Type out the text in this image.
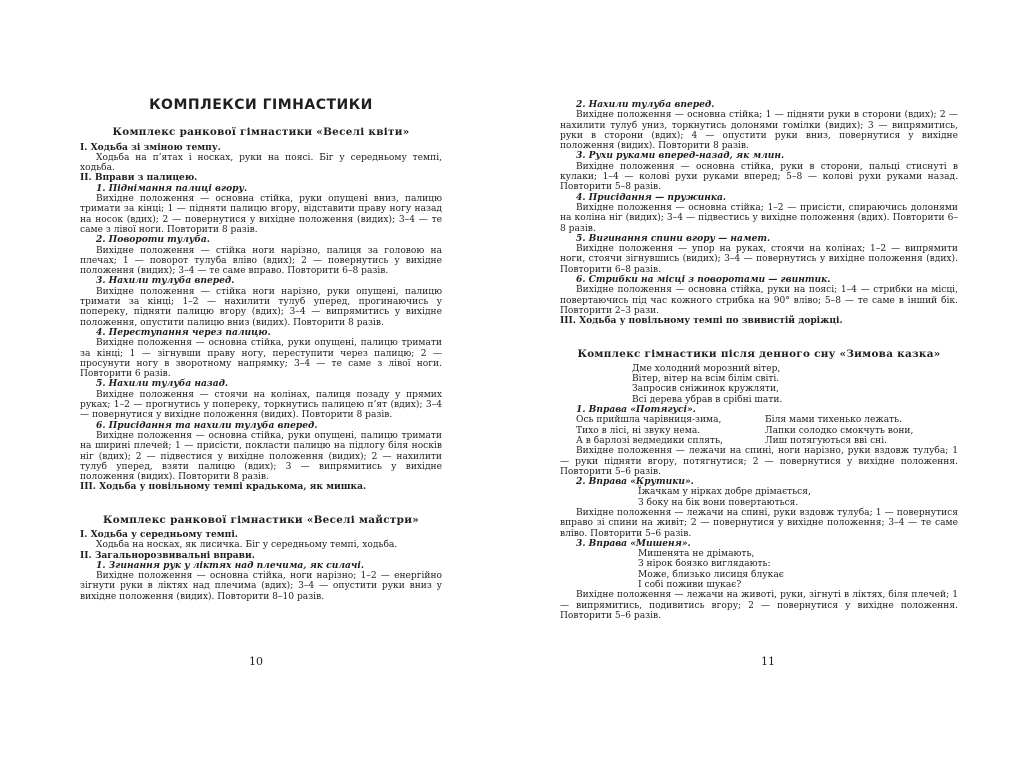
КОМПЛЕКСИ ГІМНАСТИКИ

Комплекс ранкової гімнастики «Веселі квіти»

I. Ходьба зі зміною темпу.

Ходьба на п’ятах і носках, руки на поясі. Біг у середньому темпі, ходьба.

II. Вправи з палицею.

1. Піднімання палиці вгору.

Вихідне положення — основна стійка, руки опущені вниз, палицю тримати за кінці; 1 — підняти палицю вгору, відставити праву ногу назад на носок (вдих); 2 — повернутися у вихідне положення (видих); 3–4 — те саме з лівої ноги. Повторити 8 разів.

2. Повороти тулуба.

Вихідне положення — стійка ноги нарізно, палиця за головою на плечах; 1 — поворот тулуба вліво (вдих); 2 — повернутись у вихідне положення (видих); 3–4 — те саме вправо. Повторити 6–8 разів.

3. Нахили тулуба вперед.

Вихідне положення — стійка ноги нарізно, руки опущені, палицю тримати за кінці; 1–2 — нахилити тулуб уперед, прогинаючись у попереку, підняти палицю вгору (вдих); 3–4 — випрямитись у вихідне положення, опустити палицю вниз (видих). Повторити 8 разів.

4. Переступання через палицю.

Вихідне положення — основна стійка, руки опущені, палицю тримати за кінці; 1 — зігнувши праву ногу, переступити через палицю; 2 — просунути ногу в зворотному напрямку; 3–4 — те саме з лівої ноги. Повторити 6 разів.

5. Нахили тулуба назад.

Вихідне положення — стоячи на колінах, палиця позаду у прямих руках; 1–2 — прогнутись у попереку, торкнутись палицею п’ят (вдих); 3–4 — повернутися у вихідне положення (видих). Повторити 8 разів.

6. Присідання та нахили тулуба вперед.

Вихідне положення — основна стійка, руки опущені, палицю тримати на ширині плечей; 1 — присісти, покласти палицю на підлогу біля носків ніг (вдих); 2 — підвестися у вихідне положення (видих); 2 — нахилити тулуб уперед, взяти палицю (вдих); 3 — випрямитись у вихідне положення (видих). Повторити 8 разів.

III. Ходьба у повільному темпі крадькома, як мишка.

Комплекс ранкової гімнастики «Веселі майстри»

I. Ходьба у середньому темпі.

Ходьба на носках, як лисичка. Біг у середньому темпі, ходьба.

II. Загальнорозвивальні вправи.

1. Згинання рук у ліктях над плечима, як силачі.

Вихідне положення — основна стійка, ноги нарізно; 1–2 — енергійно зігнути руки в ліктях над плечима (вдих); 3–4 — опустити руки вниз у вихідне положення (видих). Повторити 8–10 разів.

10

2. Нахили тулуба вперед.

Вихідне положення — основна стійка; 1 — підняти руки в сторони (вдих); 2 — нахилити тулуб униз, торкнутись долонями гомілки (видих); 3 — випрямитись, руки в сторони (вдих); 4 — опустити руки вниз, повернутися у вихідне положення (видих). Повторити 8 разів.

3. Рухи руками вперед-назад, як млин.

Вихідне положення — основна стійка, руки в сторони, пальці стиснуті в кулаки; 1–4 — колові рухи руками вперед; 5–8 — колові рухи руками назад. Повторити 5–8 разів.

4. Присідання — пружинка.

Вихідне положення — основна стійка; 1–2 — присісти, спираючись долонями на коліна ніг (видих); 3–4 — підвестись у вихідне положення (вдих). Повторити 6–8 разів.

5. Вигинання спини вгору — намет.

Вихідне положення — упор на руках, стоячи на колінах; 1–2 — випрямити ноги, стоячи зігнувшись (видих); 3–4 — повернутись у вихідне положення (вдих). Повторити 6–8 разів.

6. Стрибки на місці з поворотами — гвинтик.

Вихідне положення — основна стійка, руки на поясі; 1–4 — стрибки на місці, повертаючись під час кожного стрибка на 90° вліво; 5–8 — те саме в інший бік. Повторити 2–3 рази.

III. Ходьба у повільному темпі по звивистій доріжці.

Комплекс гімнастики після денного сну «Зимова казка»

Дме холодний морозний вітер,

Вітер, вітер на всім білім світі.

Запросив сніжинок кружляти,

Всі дерева убрав в срібні шати.

1. Вправа «Потягусі».

Ось прийшла чарівниця-зима,

Тихо в лісі, ні звуку нема.

А в барлозі ведмедики сплять,

Біля мами тихенько лежать.

Лапки солодко смокчуть вони,

Лиш потягуються вві сні.

Вихідне положення — лежачи на спині, ноги нарізно, руки вздовж тулуба; 1 — руки підняти вгору, потягнутися; 2 — повернутися у вихідне положення. Повторити 5–6 разів.

2. Вправа «Крутики».

Їжачкам у нірках добре дрімається,

З боку на бік вони повертаються.

Вихідне положення — лежачи на спині, руки вздовж тулуба; 1 — повернутися вправо зі спини на живіт; 2 — повернутися у вихідне положення; 3–4 — те саме вліво. Повторити 5–6 разів.

3. Вправа «Мишеня».

Мишенята не дрімають,

З нірок боязко виглядають:

Може, близько лисиця блукає

І собі поживи шукає?

Вихідне положення — лежачи на животі, руки, зігнуті в ліктях, біля плечей; 1 — випрямитись, подивитись вгору; 2 — повернутися у вихідне положення. Повторити 5–6 разів.

11
